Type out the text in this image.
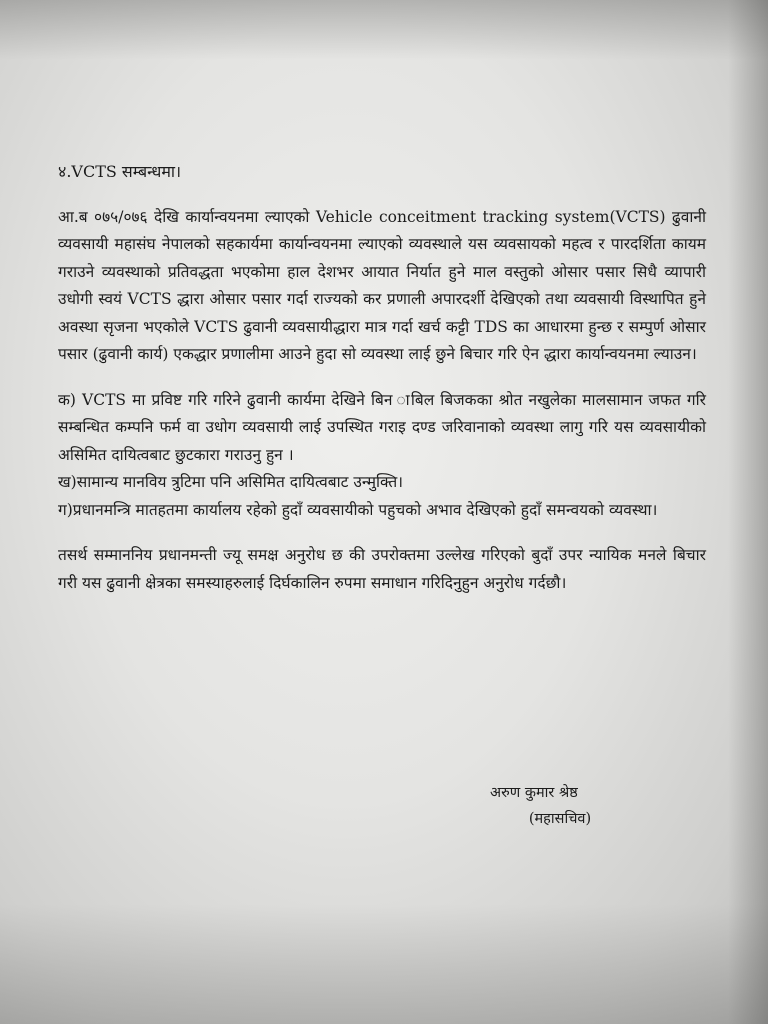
४.VCTS सम्बन्धमा।

आ.ब ०७५/०७६ देखि कार्यान्वयनमा ल्याएको Vehicle conceitment tracking system(VCTS) ढुवानी व्यवसायी महासंघ नेपालको सहकार्यमा कार्यान्वयनमा ल्याएको व्यवस्थाले यस व्यवसायको महत्व र पारदर्शिता कायम गराउने व्यवस्थाको प्रतिवद्धता भएकोमा हाल देशभर आयात निर्यात हुने माल वस्तुको ओसार पसार सिधै व्यापारी उधोगी स्वयं VCTS द्धारा ओसार पसार गर्दा राज्यको कर प्रणाली अपारदर्शी देखिएको तथा व्यवसायी विस्थापित हुने अवस्था सृजना भएकोले VCTS ढुवानी व्यवसायीद्धारा मात्र गर्दा खर्च कट्टी TDS का आधारमा हुन्छ र सम्पुर्ण ओसार पसार (ढुवानी कार्य) एकद्धार प्रणालीमा आउने हुदा सो व्यवस्था लाई छुने बिचार गरि ऐन द्धारा कार्यान्वयनमा ल्याउन।

क) VCTS मा प्रविष्ट गरि गरिने ढुवानी कार्यमा देखिने बिन ाबिल बिजकका श्रोत नखुलेका मालसामान जफत गरि सम्बन्धित कम्पनि फर्म वा उधोग व्यवसायी लाई उपस्थित गराइ दण्ड जरिवानाको व्यवस्था लागु गरि यस व्यवसायीको असिमित दायित्वबाट छुटकारा गराउनु हुन ।

ख)सामान्य मानविय त्रुटिमा पनि असिमित दायित्वबाट उन्मुक्ति।

ग)प्रधानमन्त्रि मातहतमा कार्यालय रहेको हुदाँ व्यवसायीको पहुचको अभाव देखिएको हुदाँ समन्वयको व्यवस्था।

तसर्थ सम्माननिय प्रधानमन्ती ज्यू समक्ष अनुरोध छ की उपरोक्तमा उल्लेख गरिएको बुदाँ उपर न्यायिक मनले बिचार गरी यस ढुवानी क्षेत्रका समस्याहरुलाई दिर्घकालिन रुपमा समाधान गरिदिनुहुन अनुरोध गर्दछौ।

अरुण कुमार श्रेष्ठ
(महासचिव)
